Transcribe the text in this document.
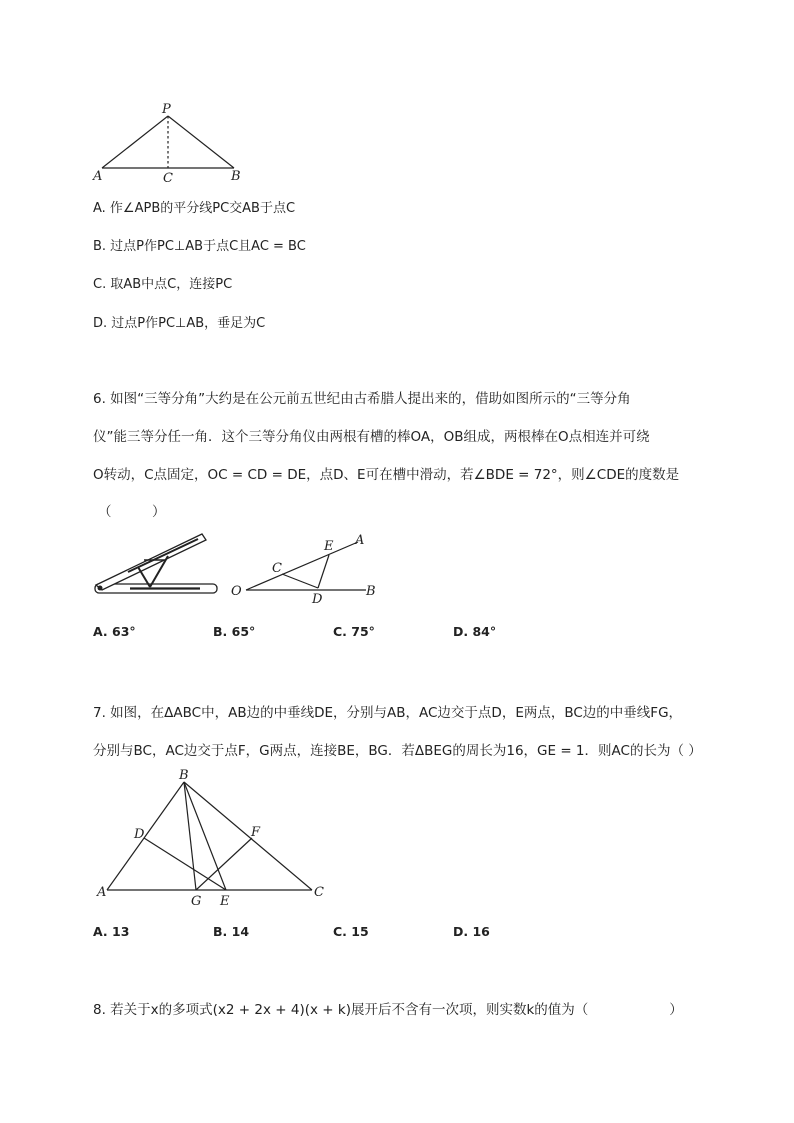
P
A	C	B
A. 作∠APB的平分线PC交AB于点C
B. 过点P作PC⊥AB于点C且AC = BC
C. 取AB中点C，连接PC
D. 过点P作PC⊥AB，垂足为C
6. 如图“三等分角”大约是在公元前五世纪由古希腊人提出来的，借助如图所示的“三等分角
仪”能三等分任一角．这个三等分角仪由两根有槽的棒OA，OB组成，两根棒在O点相连并可绕
O转动，C点固定，OC = CD = DE，点D、E可在槽中滑动，若∠BDE = 72°，则∠CDE的度数是
（　　　）
O
C
E A
D
B
A. 63°	B. 65°	C. 75°	D. 84°
7. 如图，在ΔABC中，AB边的中垂线DE，分别与AB，AC边交于点D，E两点，BC边的中垂线FG，
分别与BC，AC边交于点F，G两点，连接BE，BG．若ΔBEG的周长为16，GE = 1．则AC的长为（ ）
B
D	F
A
G E
C
A. 13	B. 14	C. 15	D. 16
8. 若关于x的多项式(x2 + 2x + 4)(x + k)展开后不含有一次项，则实数k的值为（　　　　　　）
